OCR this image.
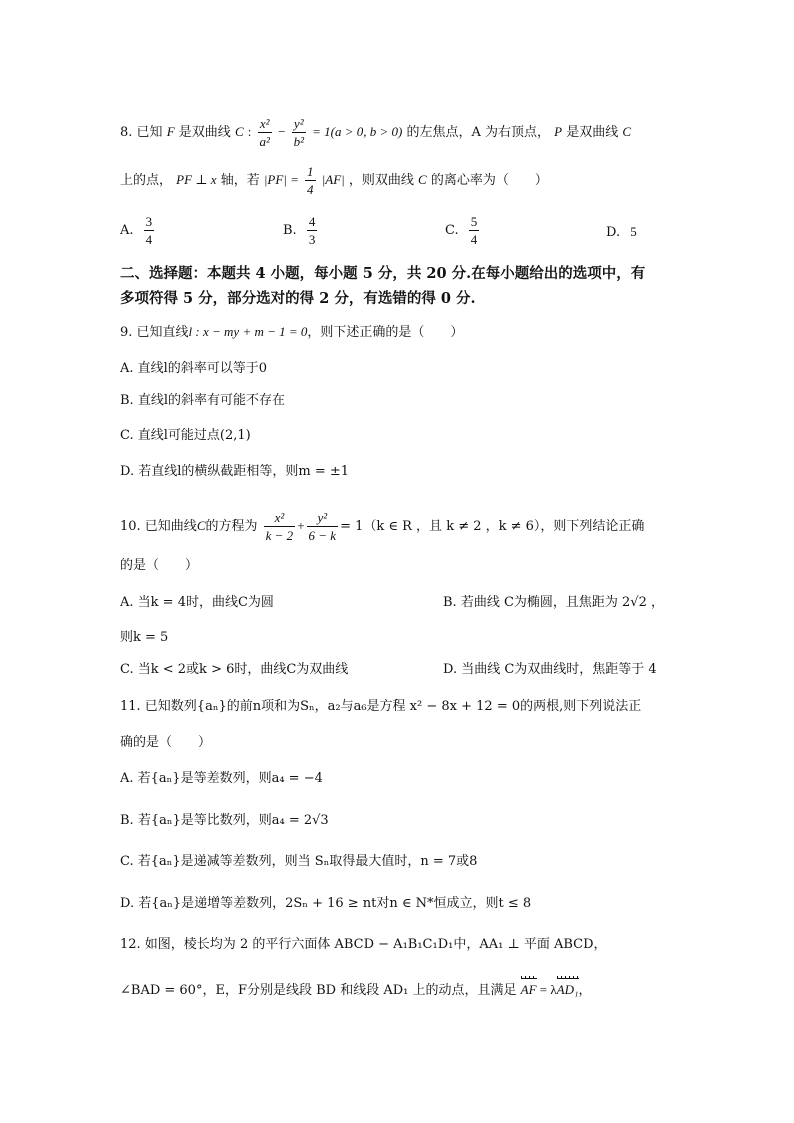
8. 已知 F 是双曲线 C : $\frac{\text{x²}}{\text{a²}} - \frac{\text{y²}}{\text{b²}} = 1(a > 0$, b > 0) 的左焦点，A 为右顶点， P 是双曲线 C
上的点， PF ⊥ x 轴，若 $|PF| = \frac{1}{4} |AF|$ ，则双曲线 C 的离心率为（　　）
A. $\frac{3}{4}$	B. $\frac{4}{3}$	C. $\frac{5}{4}$	D. 5
二、选择题：本题共 4 小题，每小题 5 分，共 20 分.在每小题给出的选项中，有
多项符得 5 分，部分选对的得 2 分，有选错的得 0 分.
9. 已知直线l : x − my + m − 1 = 0，则下述正确的是（　　）
A. 直线l的斜率可以等于0
B. 直线l的斜率有可能不存在
C. 直线l可能过点(2,1)
D. 若直线l的横纵截距相等，则m = ±1
10. 已知曲线C的方程为 $\frac{\text{x²}}{k - 2} + \frac{\text{y²}}{6 - k} = 1(k$ ∈ R ，且 k ≠ 2 ，k ≠ 6），则下列结论正确
的是（　　）
A. 当k = 4时，曲线C为圆	B. 若曲线 C为椭圆，且焦距为 2√2 ，
则k = 5
C. 当k < 2或k > 6时，曲线C为双曲线	D. 当曲线 C为双曲线时，焦距等于 4
11. 已知数列{aₙ}的前n项和为Sₙ，a₂与a₆是方程 x² − 8x + 12 = 0的两根,则下列说法正
确的是（　　）
A. 若{aₙ}是等差数列，则a₄ = −4
B. 若{aₙ}是等比数列，则a₄ = 2√3
C. 若{aₙ}是递减等差数列，则当 Sₙ取得最大值时，n = 7或8
D. 若{aₙ}是递增等差数列，2Sₙ + 16 ≥ nt对n ∈ N*恒成立，则t ≤ 8
12. 如图，棱长均为 2 的平行六面体 ABCD − A₁B₁C₁D₁中，AA₁ ⊥ 平面 ABCD，
∠BAD = 60°，E，F分别是线段 BD 和线段 AD₁ 上的动点，且满足 AF = λAD₁，
